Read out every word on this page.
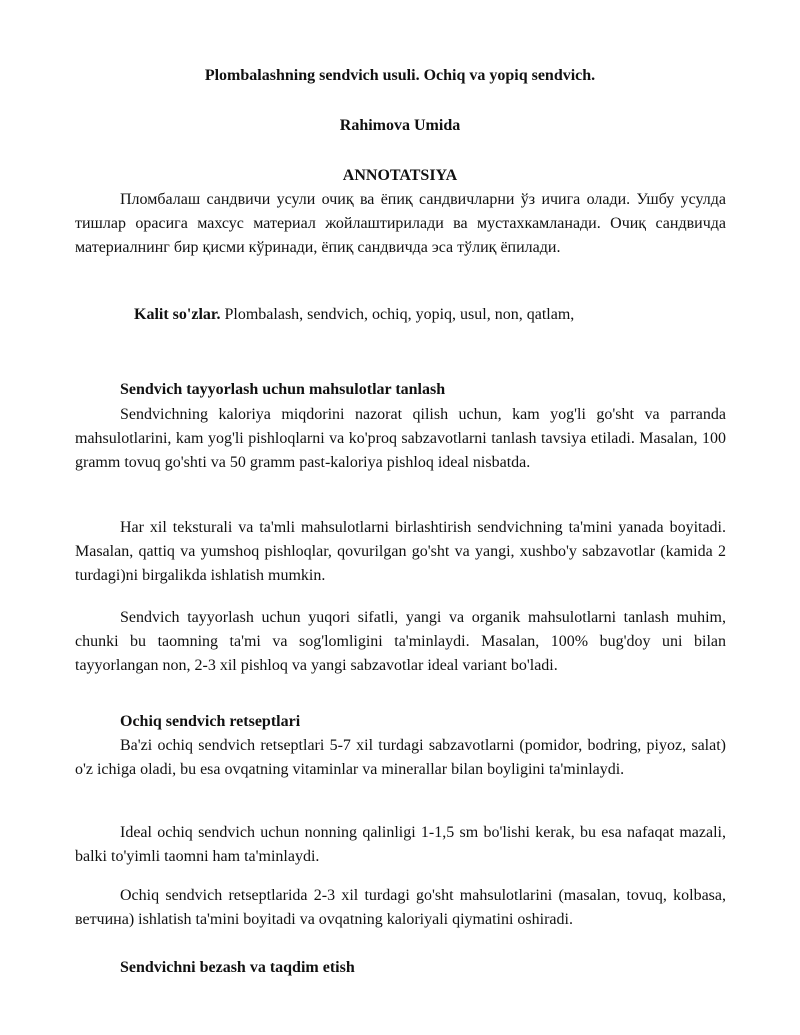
Plombalashning sendvich usuli. Ochiq va yopiq sendvich.

Rahimova Umida

ANNOTATSIYA

Пломбалаш сандвичи усули очиқ ва ёпиқ сандвичларни ўз ичига олади. Ушбу усулда тишлар орасига махсус материал жойлаштирилади ва мустахкамланади. Очиқ сандвичда материалнинг бир қисми кўринади, ёпиқ сандвичда эса тўлиқ ёпилади.

Kalit so'zlar. Plombalash, sendvich, ochiq, yopiq, usul, non, qatlam,

Sendvich tayyorlash uchun mahsulotlar tanlash

Sendvichning kaloriya miqdorini nazorat qilish uchun, kam yog'li go'sht va parranda mahsulotlarini, kam yog'li pishloqlarni va ko'proq sabzavotlarni tanlash tavsiya etiladi. Masalan, 100 gramm tovuq go'shti va 50 gramm past-kaloriya pishloq ideal nisbatda.

Har xil teksturali va ta'mli mahsulotlarni birlashtirish sendvichning ta'mini yanada boyitadi. Masalan, qattiq va yumshoq pishloqlar, qovurilgan go'sht va yangi, xushbo'y sabzavotlar (kamida 2 turdagi)ni birgalikda ishlatish mumkin.

Sendvich tayyorlash uchun yuqori sifatli, yangi va organik mahsulotlarni tanlash muhim, chunki bu taomning ta'mi va sog'lomligini ta'minlaydi. Masalan, 100% bug'doy uni bilan tayyorlangan non, 2-3 xil pishloq va yangi sabzavotlar ideal variant bo'ladi.

Ochiq sendvich retseptlari

Ba'zi ochiq sendvich retseptlari 5-7 xil turdagi sabzavotlarni (pomidor, bodring, piyoz, salat) o'z ichiga oladi, bu esa ovqatning vitaminlar va minerallar bilan boyligini ta'minlaydi.

Ideal ochiq sendvich uchun nonning qalinligi 1-1,5 sm bo'lishi kerak, bu esa nafaqat mazali, balki to'yimli taomni ham ta'minlaydi.

Ochiq sendvich retseptlarida 2-3 xil turdagi go'sht mahsulotlarini (masalan, tovuq, kolbasa, ветчина) ishlatish ta'mini boyitadi va ovqatning kaloriyali qiymatini oshiradi.

Sendvichni bezash va taqdim etish
